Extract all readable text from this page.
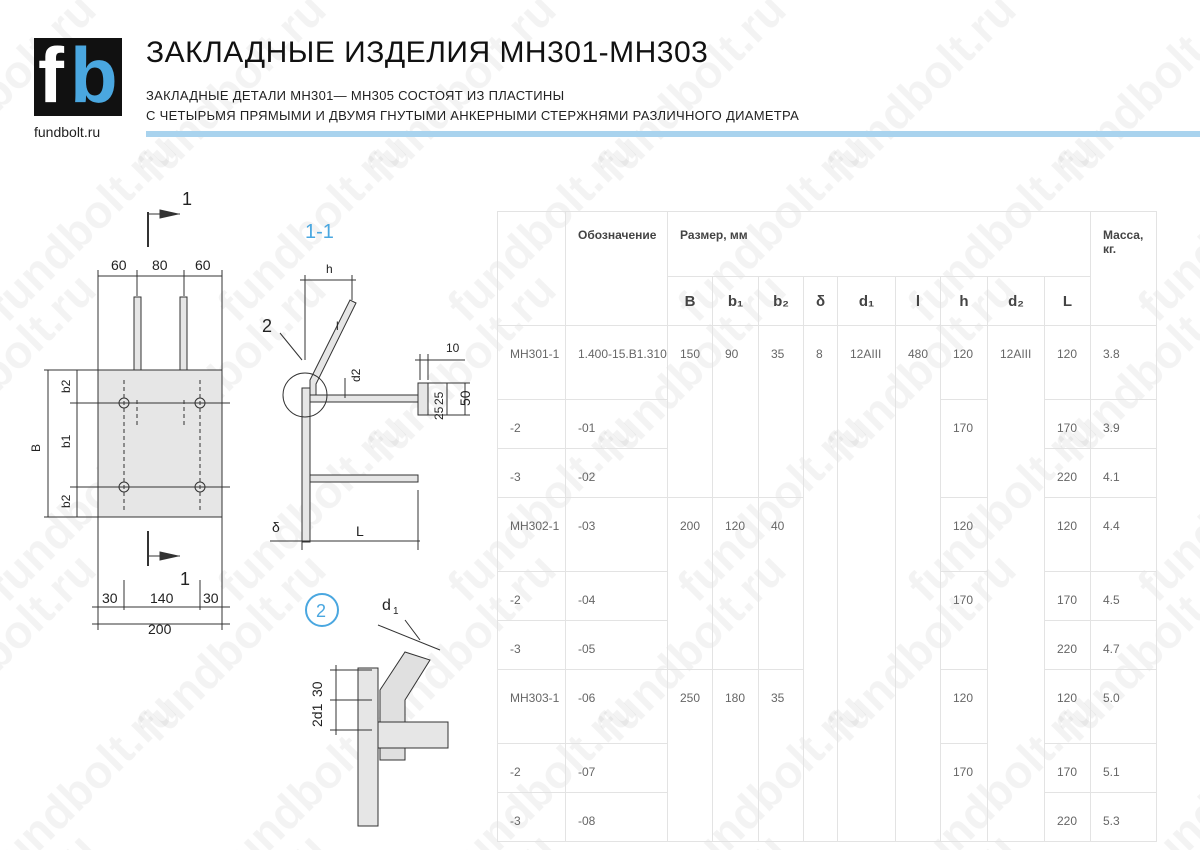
f b
fundbolt.ru
ЗАКЛАДНЫЕ ИЗДЕЛИЯ МН301-МН303
ЗАКЛАДНЫЕ ДЕТАЛИ МН301— МН305 СОСТОЯТ ИЗ ПЛАСТИНЫ
С ЧЕТЫРЬМЯ ПРЯМЫМИ И ДВУМЯ ГНУТЫМИ АНКЕРНЫМИ СТЕРЖНЯМИ РАЗЛИЧНОГО ДИАМЕТРА
1
1
1-1
2
60 80 60
30 140 30
200
L
δ
2
h
l
10
B b1
b2
b2
d2
25
25
50
2d1
30
d 1
	Обозначение	Размер, мм									Масса,
кг.
		B	b₁	b₂	δ	d₁	l	h	d₂	L	
МН301-1	1.400-15.В1.310	150	90	35	8	12AIII	480	120	12AIII	120	3.8
-2	-01							170		170	3.9
-3	-02									220	4.1
МН302-1	-03	200	120	40				120		120	4.4
-2	-04							170		170	4.5
-3	-05									220	4.7
МН303-1	-06	250	180	35				120		120	5.0
-2	-07							170		170	5.1
-3	-08									220	5.3
